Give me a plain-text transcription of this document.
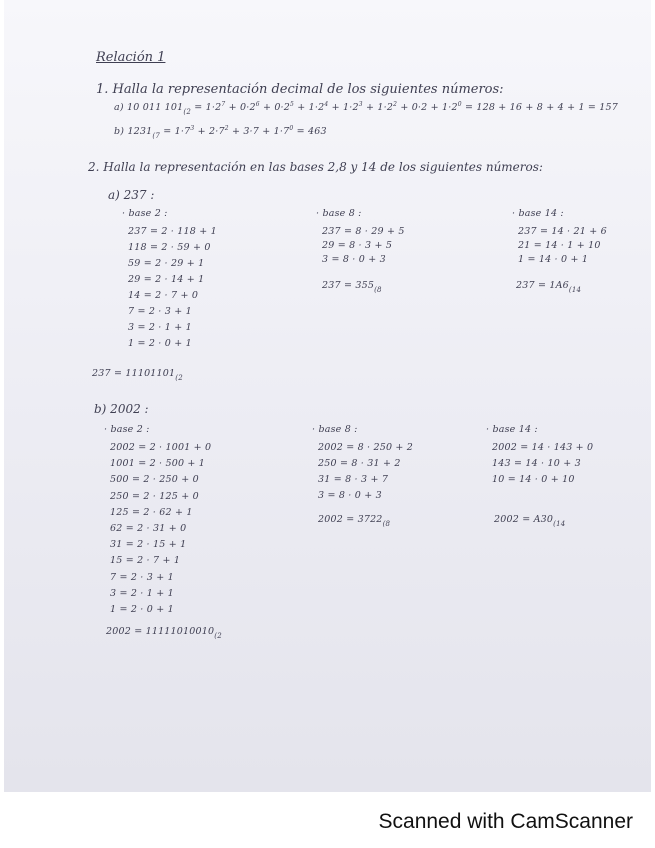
Relación 1
1. Halla la representación decimal de los siguientes números:
a) 10 011 $101_{(2} = 1\cdot 2^7 + 0\cdot 2^6 + 0\cdot 2^5 + 1\cdot 2^4 + 1\cdot 2^3 + 1\cdot 2^2 + 0\cdot 2 + 1\cdot 2^0 = 128 + 16 + 8 + 4 + 1 = 157$
b) $1231_{(7} = 1\cdot 7^3 + 2\cdot 7^2 + 3\cdot 7 + 1\cdot 7^0 = 463$
2. Halla la representación en las bases 2,8 y 14 de los siguientes números:
a) 237 :
b) 2002 :
· base 2 :
237 = 2 · 118 + 1
118 = 2 · 59 + 0
59 = 2 · 29 + 1
29 = 2 · 14 + 1
14 = 2 · 7 + 0
7 = 2 · 3 + 1
3 = 2 · 1 + 1
1 = 2 · 0 + 1
$237 = 11101101_{(2}$
· base 8 :
237 = 8 · 29 + 5
29 = 8 · 3 + 5
3 = 8 · 0 + 3
$237 = 355_{(8}$
· base 14 :
237 = 14 · 21 + 6
21 = 14 · 1 + 10
1 = 14 · 0 + 1
$237 = 1A6_{(14}$
· base 2 :
2002 = 2 · 1001 + 0
1001 = 2 · 500 + 1
500 = 2 · 250 + 0
250 = 2 · 125 + 0
125 = 2 · 62 + 1
62 = 2 · 31 + 0
31 = 2 · 15 + 1
15 = 2 · 7 + 1
7 = 2 · 3 + 1
3 = 2 · 1 + 1
1 = 2 · 0 + 1
$2002 = 11111010010_{(2}$
· base 8 :
2002 = 8 · 250 + 2
250 = 8 · 31 + 2
31 = 8 · 3 + 7
3 = 8 · 0 + 3
$2002 = 3722_{(8}$
· base 14 :
2002 = 14 · 143 + 0
143 = 14 · 10 + 3
10 = 14 · 0 + 10
$2002 = A30_{(14}$
Scanned with CamScanner
